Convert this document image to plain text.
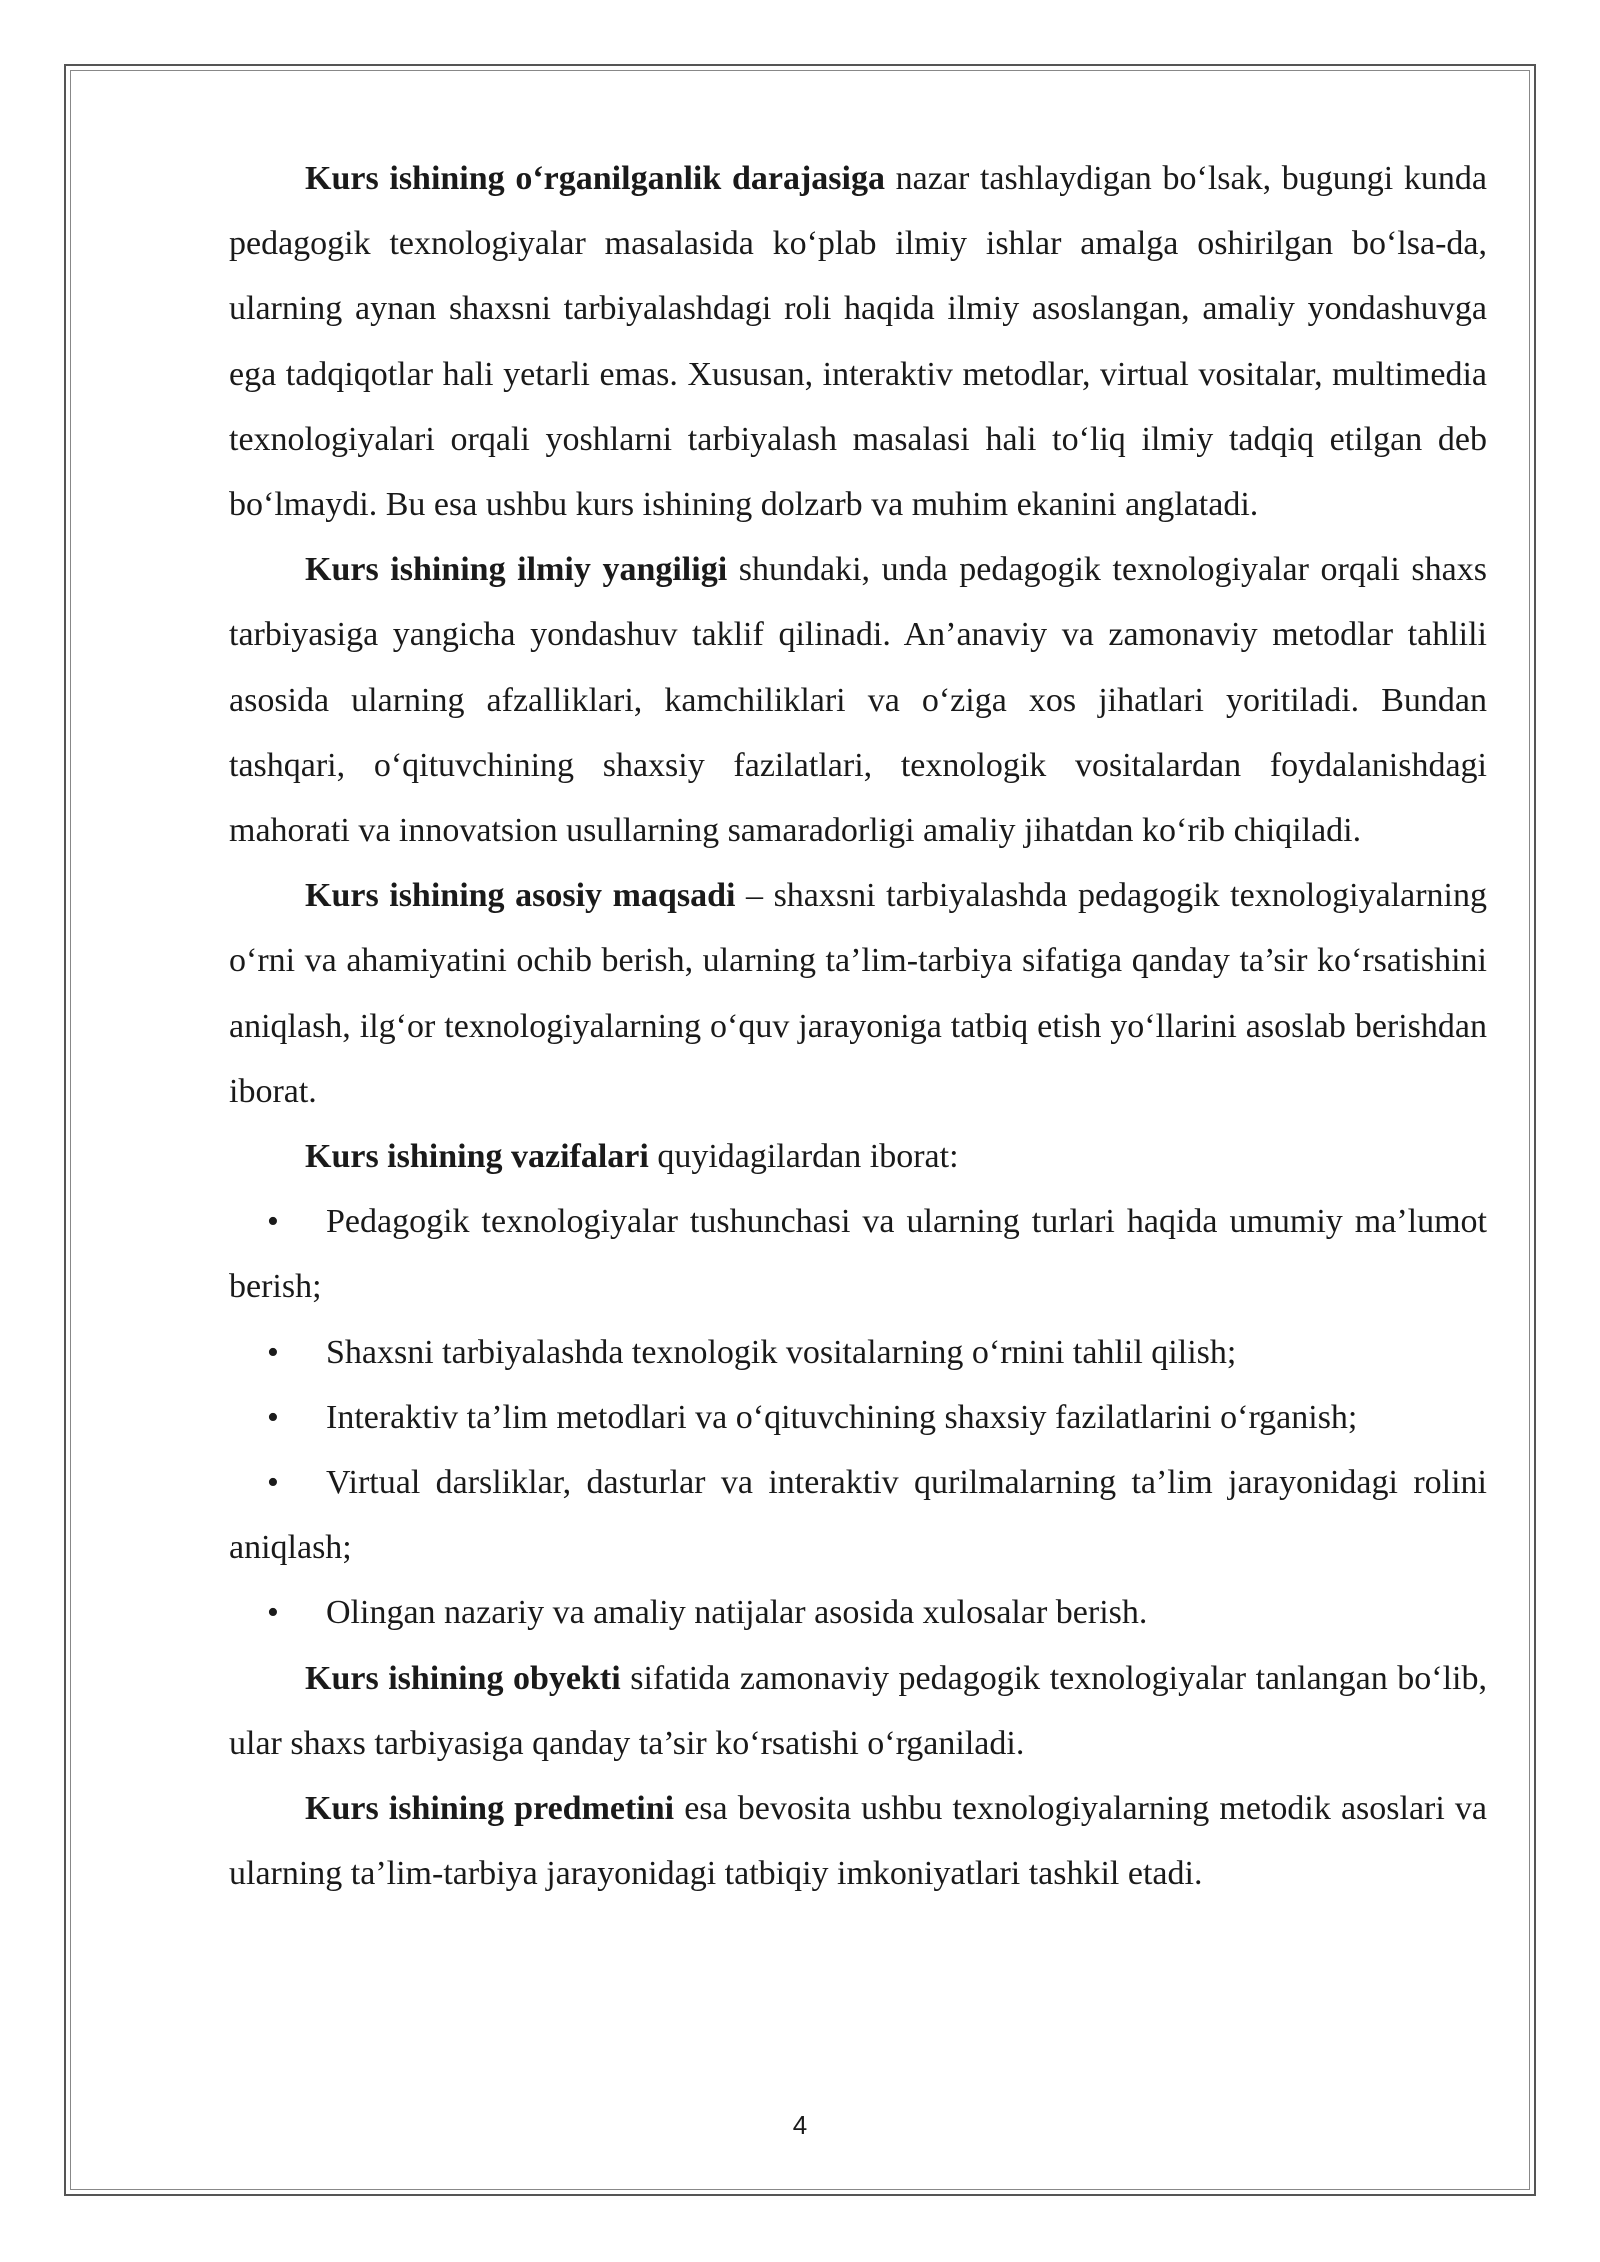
Kurs ishining o‘rganilganlik darajasiga nazar tashlaydigan bo‘lsak, bugungi kunda pedagogik texnologiyalar masalasida ko‘plab ilmiy ishlar amalga oshirilgan bo‘lsa-da, ularning aynan shaxsni tarbiyalashdagi roli haqida ilmiy asoslangan, amaliy yondashuvga ega tadqiqotlar hali yetarli emas. Xususan, interaktiv metodlar, virtual vositalar, multimedia texnologiyalari orqali yoshlarni tarbiyalash masalasi hali to‘liq ilmiy tadqiq etilgan deb bo‘lmaydi. Bu esa ushbu kurs ishining dolzarb va muhim ekanini anglatadi.

Kurs ishining ilmiy yangiligi shundaki, unda pedagogik texnologiyalar orqali shaxs tarbiyasiga yangicha yondashuv taklif qilinadi. An’anaviy va zamonaviy metodlar tahlili asosida ularning afzalliklari, kamchiliklari va o‘ziga xos jihatlari yoritiladi. Bundan tashqari, o‘qituvchining shaxsiy fazilatlari, texnologik vositalardan foydalanishdagi mahorati va innovatsion usullarning samaradorligi amaliy jihatdan ko‘rib chiqiladi.

Kurs ishining asosiy maqsadi – shaxsni tarbiyalashda pedagogik texnologiyalarning o‘rni va ahamiyatini ochib berish, ularning ta’lim-tarbiya sifatiga qanday ta’sir ko‘rsatishini aniqlash, ilg‘or texnologiyalarning o‘quv jarayoniga tatbiq etish yo‘llarini asoslab berishdan iborat.

Kurs ishining vazifalari quyidagilardan iborat:

• Pedagogik texnologiyalar tushunchasi va ularning turlari haqida umumiy ma’lumot berish;
• Shaxsni tarbiyalashda texnologik vositalarning o‘rnini tahlil qilish;
• Interaktiv ta’lim metodlari va o‘qituvchining shaxsiy fazilatlarini o‘rganish;
• Virtual darsliklar, dasturlar va interaktiv qurilmalarning ta’lim jarayonidagi rolini aniqlash;
• Olingan nazariy va amaliy natijalar asosida xulosalar berish.

Kurs ishining obyekti sifatida zamonaviy pedagogik texnologiyalar tanlangan bo‘lib, ular shaxs tarbiyasiga qanday ta’sir ko‘rsatishi o‘rganiladi.

Kurs ishining predmetini esa bevosita ushbu texnologiyalarning metodik asoslari va ularning ta’lim-tarbiya jarayonidagi tatbiqiy imkoniyatlari tashkil etadi.

4
